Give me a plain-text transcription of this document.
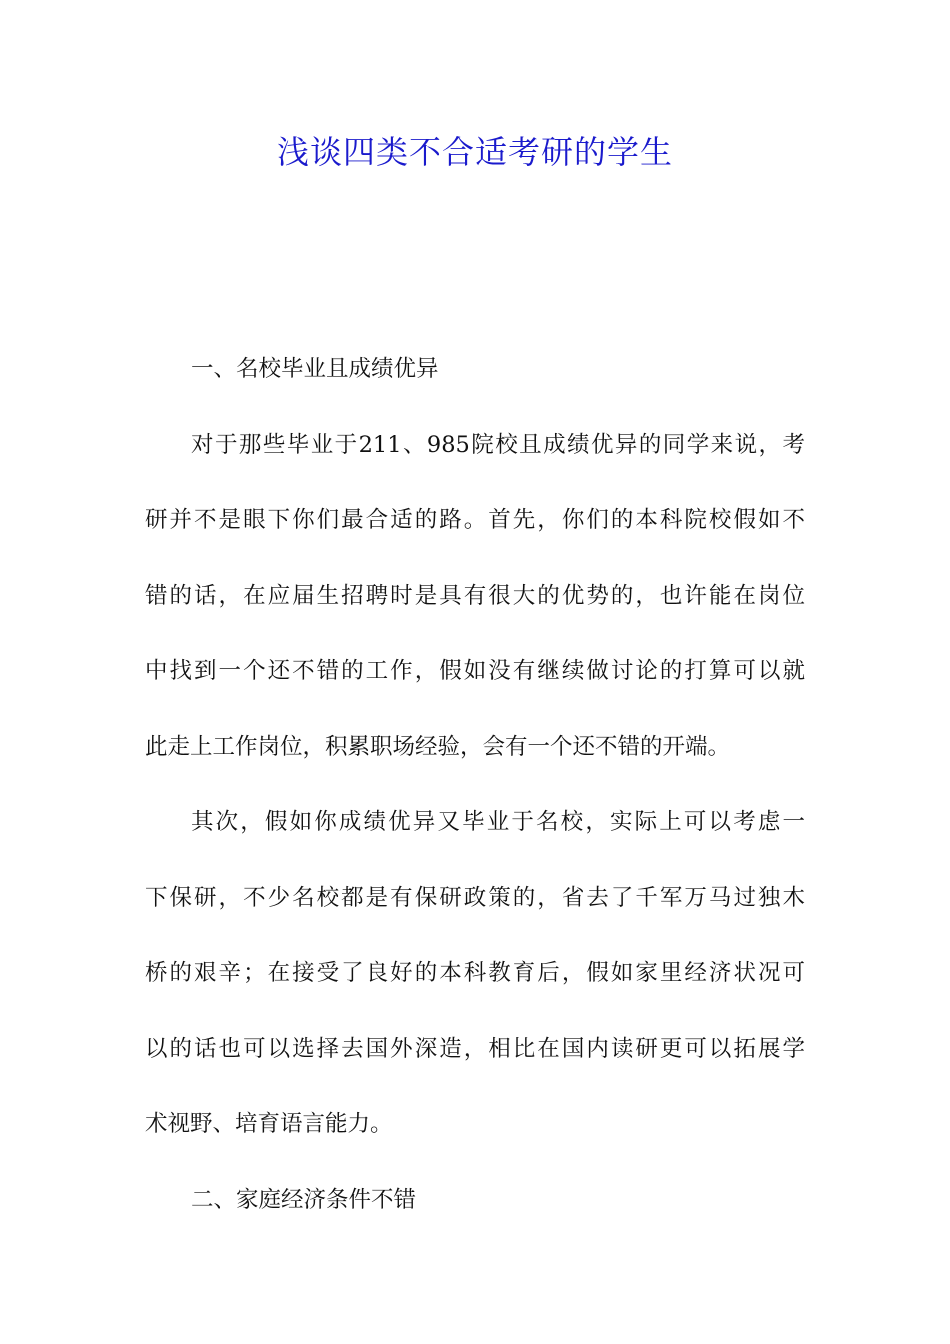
浅谈四类不合适考研的学生
一、名校毕业且成绩优异
对于那些毕业于211、985院校且成绩优异的同学来说，考
研并不是眼下你们最合适的路。首先，你们的本科院校假如不
错的话，在应届生招聘时是具有很大的优势的，也许能在岗位
中找到一个还不错的工作，假如没有继续做讨论的打算可以就
此走上工作岗位，积累职场经验，会有一个还不错的开端。
其次，假如你成绩优异又毕业于名校，实际上可以考虑一
下保研，不少名校都是有保研政策的，省去了千军万马过独木
桥的艰辛；在接受了良好的本科教育后，假如家里经济状况可
以的话也可以选择去国外深造，相比在国内读研更可以拓展学
术视野、培育语言能力。
二、家庭经济条件不错
